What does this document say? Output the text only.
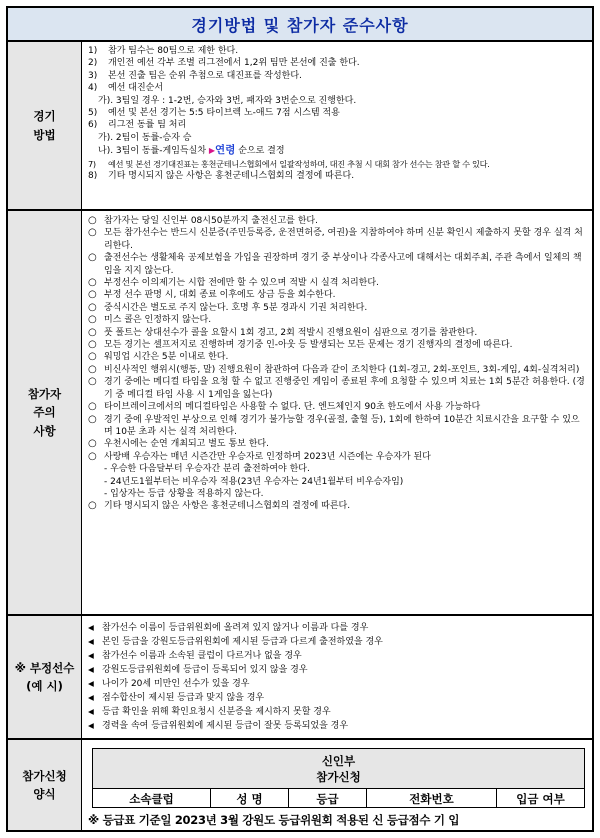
경기방법 및 참가자 준수사항
경기
방법
1) 참가 팀수는 80팀으로 제한 한다.
2) 개인전 예선 각부 조별 리그전에서 1,2위 팀만 본선에 진출 한다.
3) 본선 진출 팀은 순위 추첨으로 대진표를 작성한다.
4) 예선 대진순서
가). 3팀일 경우 : 1-2번, 승자와 3번, 패자와 3번순으로 진행한다.
5) 예선 및 본선 경기는 5:5 타이브렉 노-애드 7점 시스템 적용
6) 리그전 동률 팀 처리
가). 2팀이 동률-승자 승
나). 3팀이 동률-게임득실차 ▶연령 순으로 결정
7) 예선 및 본선 경기대진표는 홍천군테니스협회에서 일괄작성하며, 대진 추첨 시 대회 참가 선수는 참관 할 수 있다.
8) 기타 명시되지 않은 사항은 홍천군테니스협회의 결정에 따른다.
참가자
주의
사항
○ 참가자는 당일 신인부 08시50분까지 출전신고를 한다.
○ 모든 참가선수는 반드시 신분증(주민등록증, 운전면허증, 여권)을 지참하여야 하며 신분 확인시 제출하지 못할 경우 실격 처리한다.
○ 출전선수는 생활체육 공제보험을 가입을 권장하며 경기 중 부상이나 각종사고에 대해서는 대회주최, 주관 측에서 일체의 책임을 지지 않는다.
○ 부정선수 이의제기는 시합 전에만 할 수 있으며 적발 시 실격 처리한다.
○ 부정 선수 판명 시, 대회 종료 이후에도 상금 등을 회수한다.
○ 중식시간은 별도로 주지 않는다. 호명 후 5분 경과시 기권 처리한다.
○ 미스 콜은 인정하지 않는다.
○ 풋 폴트는 상대선수가 콜을 요할시 1회 경고, 2회 적발시 진행요원이 심판으로 경기를 참관한다.
○ 모든 경기는 셀프저지로 진행하며 경기중 인-아웃 등 발생되는 모든 문제는 경기 진행자의 결정에 따른다.
○ 워밍업 시간은 5분 이내로 한다.
○ 비신사적인 행위시(행동, 말) 진행요원이 참관하여 다음과 같이 조치한다 (1회-경고, 2회-포인트, 3회-게임, 4회-실격처리)
○ 경기 중에는 메디컬 타임을 요청 할 수 없고 진행중인 게임이 종료된 후에 요청할 수 있으며 치료는 1회 5분간 허용한다. (경기 중 메디컬 타임 사용 시 1게임을 잃는다)
○ 타이브레이크에서의 메디컬타임은 사용할 수 없다. 단. 엔드체인지 90초 한도에서 사용 가능하다
○ 경기 중에 우발적인 부상으로 인해 경기가 불가능할 경우(골절, 출혈 등), 1회에 한하여 10분간 치료시간을 요구할 수 있으며 10분 초과 시는 실격 처리한다.
○ 우천시에는 순연 개최되고 별도 통보 한다.
○ 사랑배 우승자는 매년 시즌간만 우승자로 인정하며 2023년 시즌에는 우승자가 된다
- 우승한 다음달부터 우승자간 분리 출전하여야 한다.
- 24년도1월부터는 비우승자 적용(23년 우승자는 24년1월부터 비우승자임)
- 입상자는 등급 상황을 적용하지 않는다.
○ 기타 명시되지 않은 사항은 홍천군테니스협회의 결정에 따른다.
※ 부정선수
(예 시)
◀ 참가선수 이름이 등급위원회에 올려져 있지 않거나 이름과 다를 경우
◀ 본인 등급을 강원도등급위원회에 제시된 등급과 다르게 출전하였을 경우
◀ 참가선수 이름과 소속된 클럽이 다르거나 없을 경우
◀ 강원도등급위원회에 등급이 등록되어 있지 않을 경우
◀ 나이가 20세 미만인 선수가 있을 경우
◀ 점수합산이 제시된 등급과 맞지 않을 경우
◀ 등급 확인을 위해 확인요청시 신분증을 제시하지 못할 경우
◀ 경력을 속여 등급위원회에 제시된 등급이 잘못 등록되었을 경우
참가신청
양식
신인부
참가신청
소속클럽	성 명	등급	전화번호	입금 여부
※ 등급표 기준일 2023년 3월 강원도 등급위원회 적용된 신 등급점수 기 입
